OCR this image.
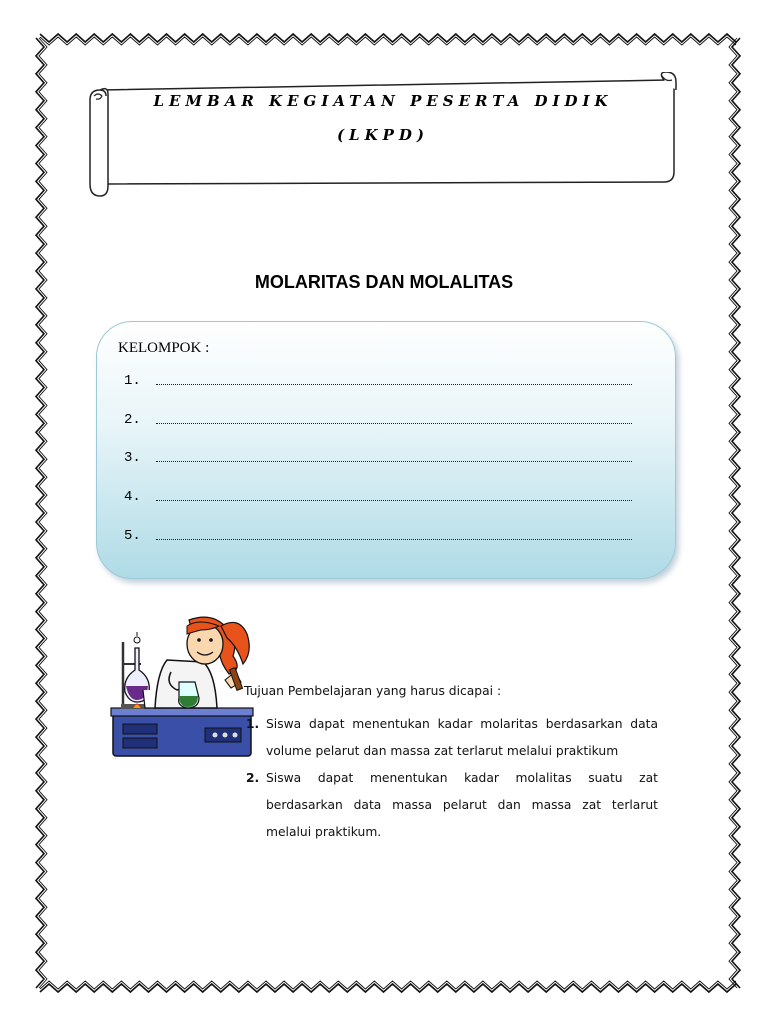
LEMBAR KEGIATAN PESERTA DIDIK
(LKPD)
MOLARITAS DAN MOLALITAS
KELOMPOK :
1.
2.
3.
4.
5.
·
Tujuan Pembelajaran yang harus dicapai :
1. Siswa dapat menentukan kadar molaritas berdasarkan data volume pelarut dan massa zat terlarut melalui praktikum
2. Siswa dapat menentukan kadar molalitas suatu zat berdasarkan data massa pelarut dan massa zat terlarut melalui praktikum.
